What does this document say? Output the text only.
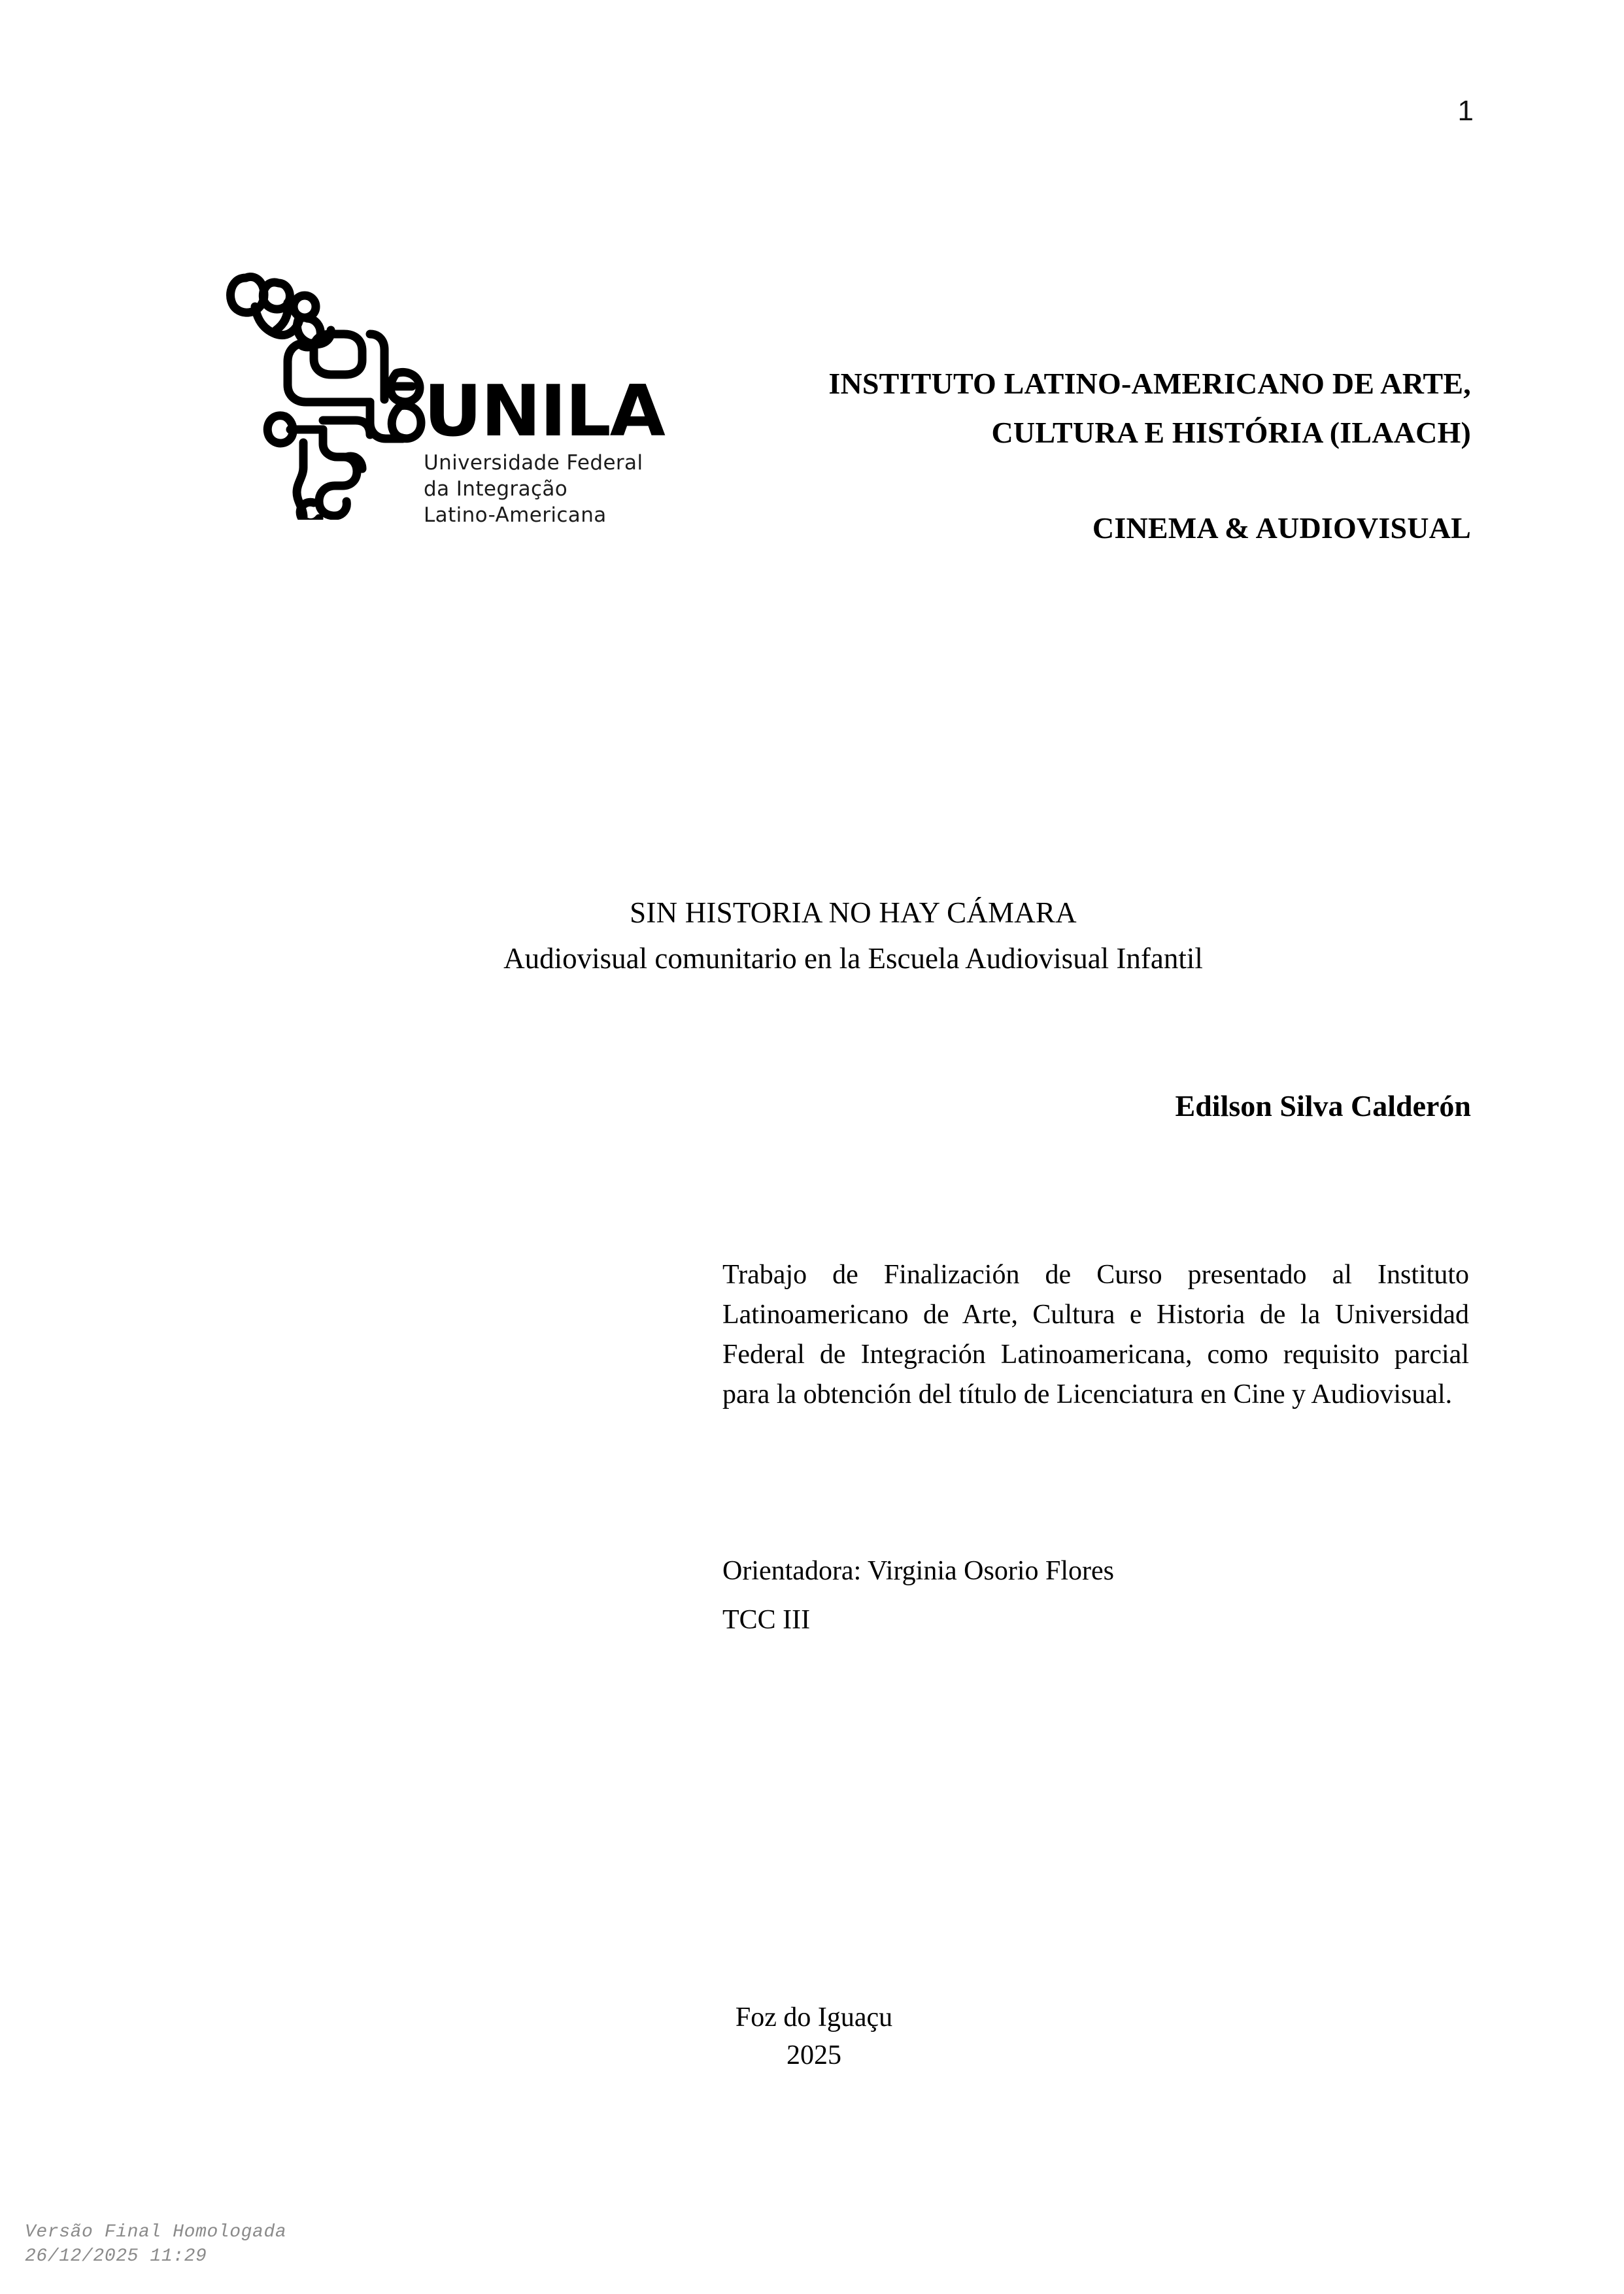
1
UNILA
Universidade Federal
da Integração
Latino-Americana
INSTITUTO LATINO-AMERICANO DE ARTE,
CULTURA E HISTÓRIA (ILAACH)
CINEMA & AUDIOVISUAL
SIN HISTORIA NO HAY CÁMARA
Audiovisual comunitario en la Escuela Audiovisual Infantil
Edilson Silva Calderón
Trabajo de Finalización de Curso presentado al Instituto Latinoamericano de Arte, Cultura e Historia de la Universidad Federal de Integración Latinoamericana, como requisito parcial para la obtención del título de Licenciatura en Cine y Audiovisual.
Orientadora: Virginia Osorio Flores
TCC III
Foz do Iguaçu
2025
Versão Final Homologada
26/12/2025 11:29
